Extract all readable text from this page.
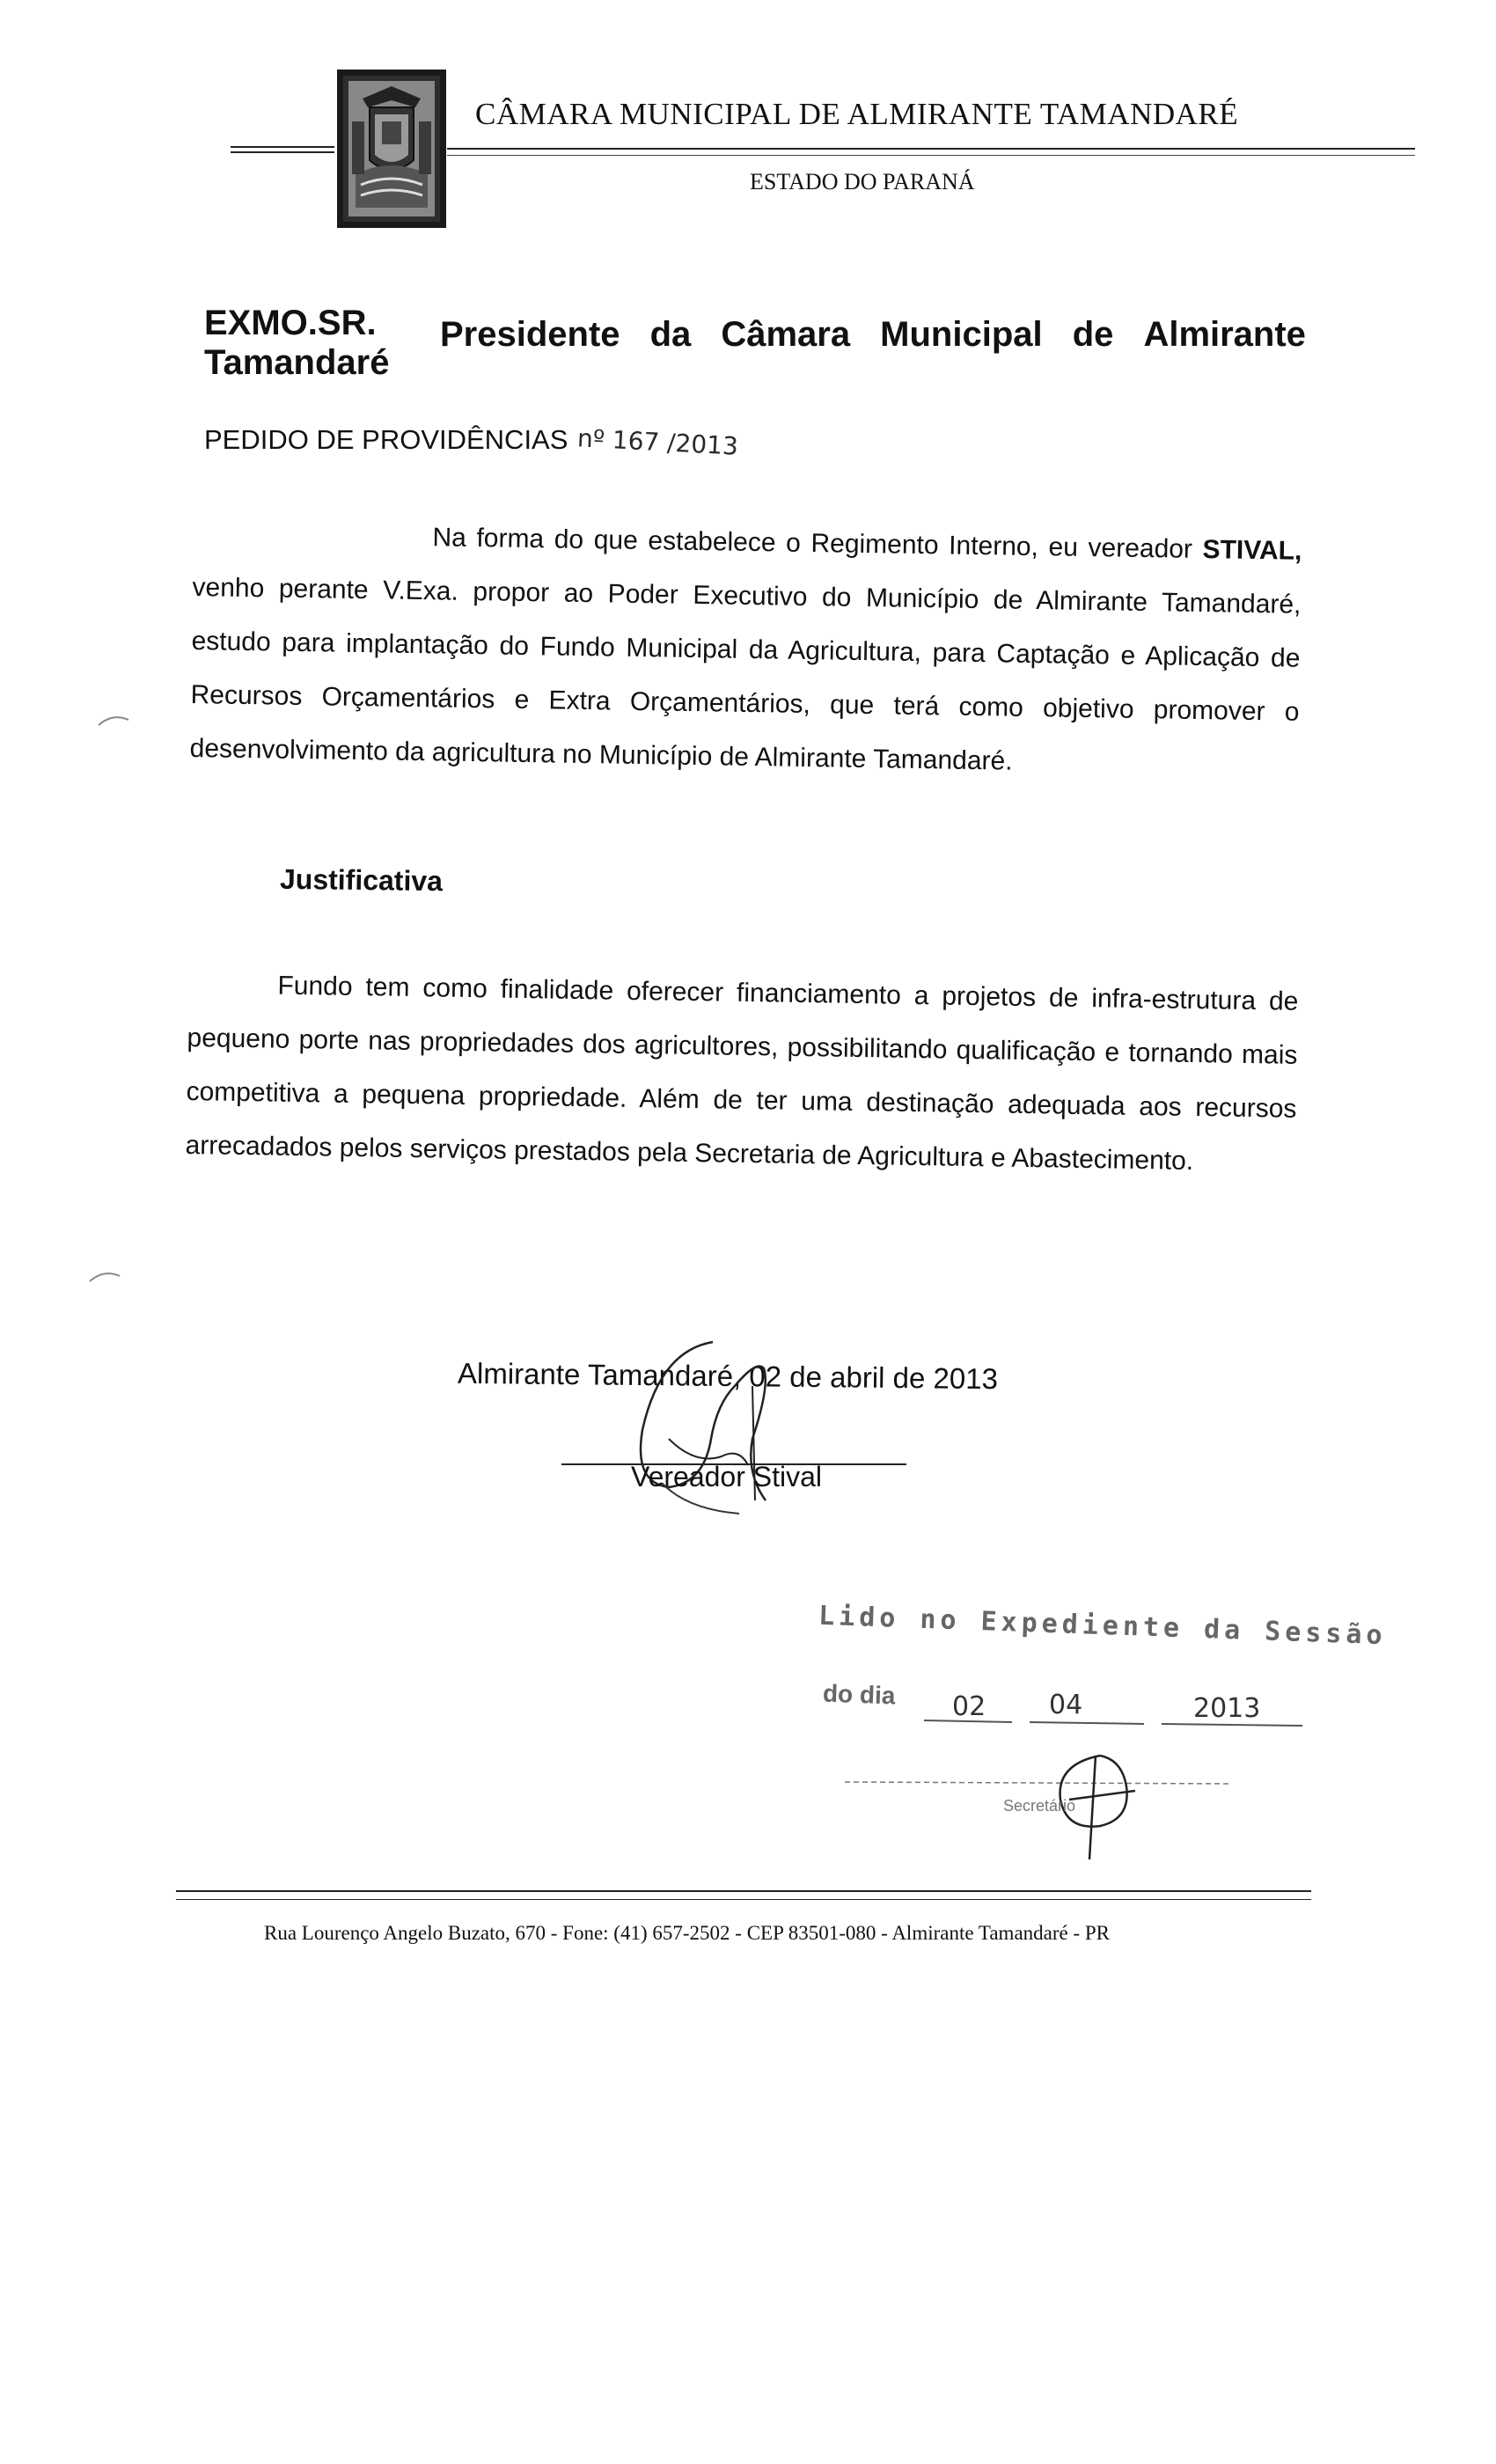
CÂMARA MUNICIPAL DE ALMIRANTE TAMANDARÉ
ESTADO DO PARANÁ
EXMO.SR. Presidente da Câmara Municipal de Almirante
Tamandaré
PEDIDO DE PROVIDÊNCIAS nº 167 /2013
Na forma do que estabelece o Regimento Interno, eu vereador STIVAL, venho perante V.Exa. propor ao Poder Executivo do Município de Almirante Tamandaré, estudo para implantação do Fundo Municipal da Agricultura, para Captação e Aplicação de Recursos Orçamentários e Extra Orçamentários, que terá como objetivo promover o desenvolvimento da agricultura no Município de Almirante Tamandaré.
Justificativa
Fundo tem como finalidade oferecer financiamento a projetos de infra-estrutura de pequeno porte nas propriedades dos agricultores, possibilitando qualificação e tornando mais competitiva a pequena propriedade. Além de ter uma destinação adequada aos recursos arrecadados pelos serviços prestados pela Secretaria de Agricultura e Abastecimento.
Almirante Tamandaré, 02 de abril de 2013
Vereador Stival
Lido no Expediente da Sessão
do dia 02 04	2013
Secretário
Rua Lourenço Angelo Buzato, 670 - Fone: (41) 657-2502 - CEP 83501-080 - Almirante Tamandaré - PR
